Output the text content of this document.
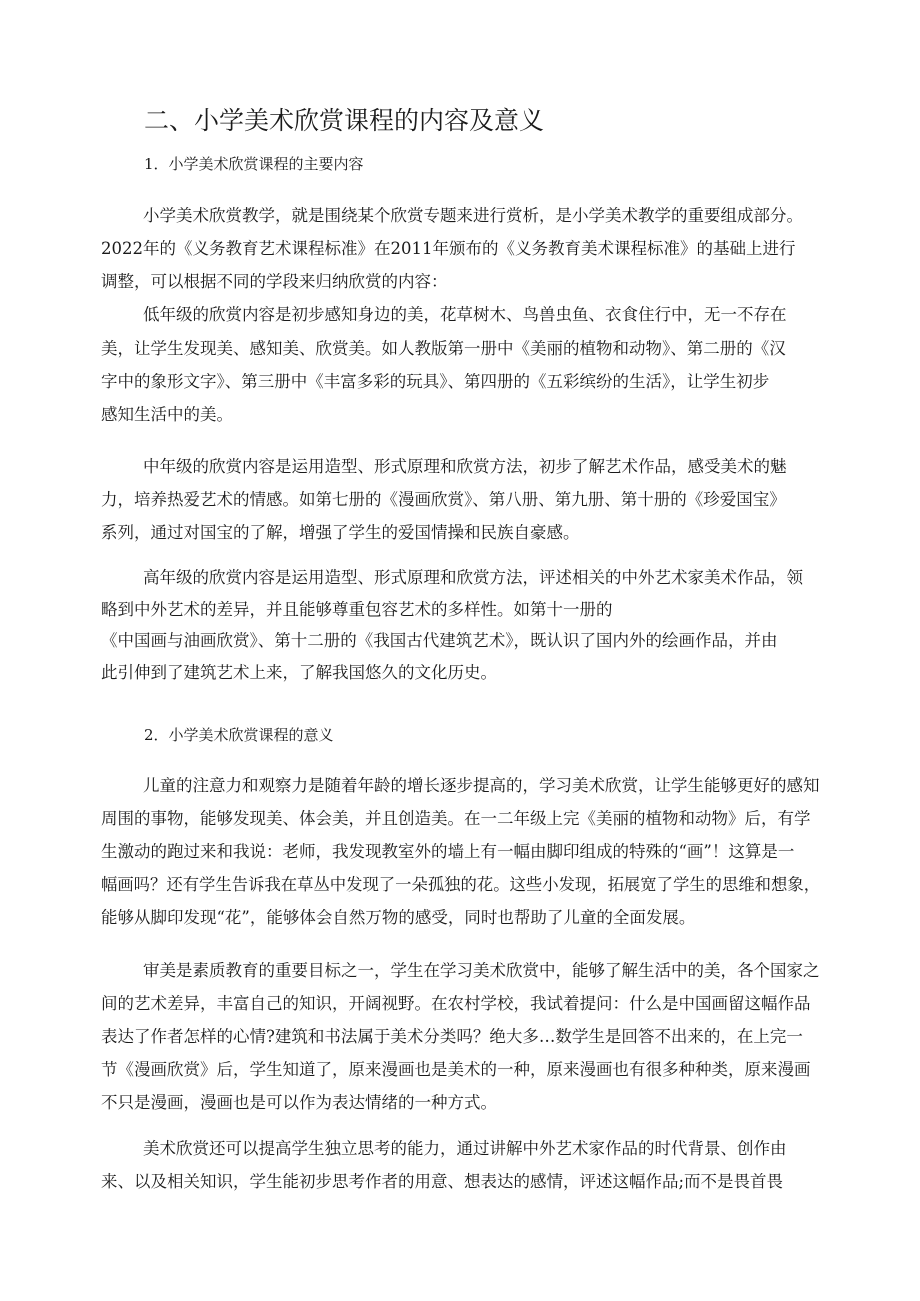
二、小学美术欣赏课程的内容及意义

1．小学美术欣赏课程的主要内容

小学美术欣赏教学，就是围绕某个欣赏专题来进行赏析，是小学美术教学的重要组成部分。
2022年的《义务教育艺术课程标准》在2011年颁布的《义务教育美术课程标准》的基础上进行
调整，可以根据不同的学段来归纳欣赏的内容：
低年级的欣赏内容是初步感知身边的美，花草树木、鸟兽虫鱼、衣食住行中，无一不存在
美，让学生发现美、感知美、欣赏美。如人教版第一册中《美丽的植物和动物》、第二册的《汉
字中的象形文字》、第三册中《丰富多彩的玩具》、第四册的《五彩缤纷的生活》，让学生初步
感知生活中的美。
中年级的欣赏内容是运用造型、形式原理和欣赏方法，初步了解艺术作品，感受美术的魅
力，培养热爱艺术的情感。如第七册的《漫画欣赏》、第八册、第九册、第十册的《珍爱国宝》
系列，通过对国宝的了解，增强了学生的爱国情操和民族自豪感。
高年级的欣赏内容是运用造型、形式原理和欣赏方法，评述相关的中外艺术家美术作品，领
略到中外艺术的差异，并且能够尊重包容艺术的多样性。如第十一册的
《中国画与油画欣赏》、第十二册的《我国古代建筑艺术》，既认识了国内外的绘画作品，并由
此引伸到了建筑艺术上来，了解我国悠久的文化历史。

2．小学美术欣赏课程的意义

儿童的注意力和观察力是随着年龄的增长逐步提高的，学习美术欣赏，让学生能够更好的感知
周围的事物，能够发现美、体会美，并且创造美。在一二年级上完《美丽的植物和动物》后，有学
生激动的跑过来和我说：老师，我发现教室外的墙上有一幅由脚印组成的特殊的“画”！这算是一
幅画吗？还有学生告诉我在草丛中发现了一朵孤独的花。这些小发现，拓展宽了学生的思维和想象，
能够从脚印发现“花”，能够体会自然万物的感受，同时也帮助了儿童的全面发展。
审美是素质教育的重要目标之一，学生在学习美术欣赏中，能够了解生活中的美，各个国家之
间的艺术差异，丰富自己的知识，开阔视野。在农村学校，我试着提问：什么是中国画留这幅作品
表达了作者怎样的心情?建筑和书法属于美术分类吗？绝大多…数学生是回答不出来的，在上完一
节《漫画欣赏》后，学生知道了，原来漫画也是美术的一种，原来漫画也有很多种种类，原来漫画
不只是漫画，漫画也是可以作为表达情绪的一种方式。
美术欣赏还可以提高学生独立思考的能力，通过讲解中外艺术家作品的时代背景、创作由
来、以及相关知识，学生能初步思考作者的用意、想表达的感情，评述这幅作品;而不是畏首畏
